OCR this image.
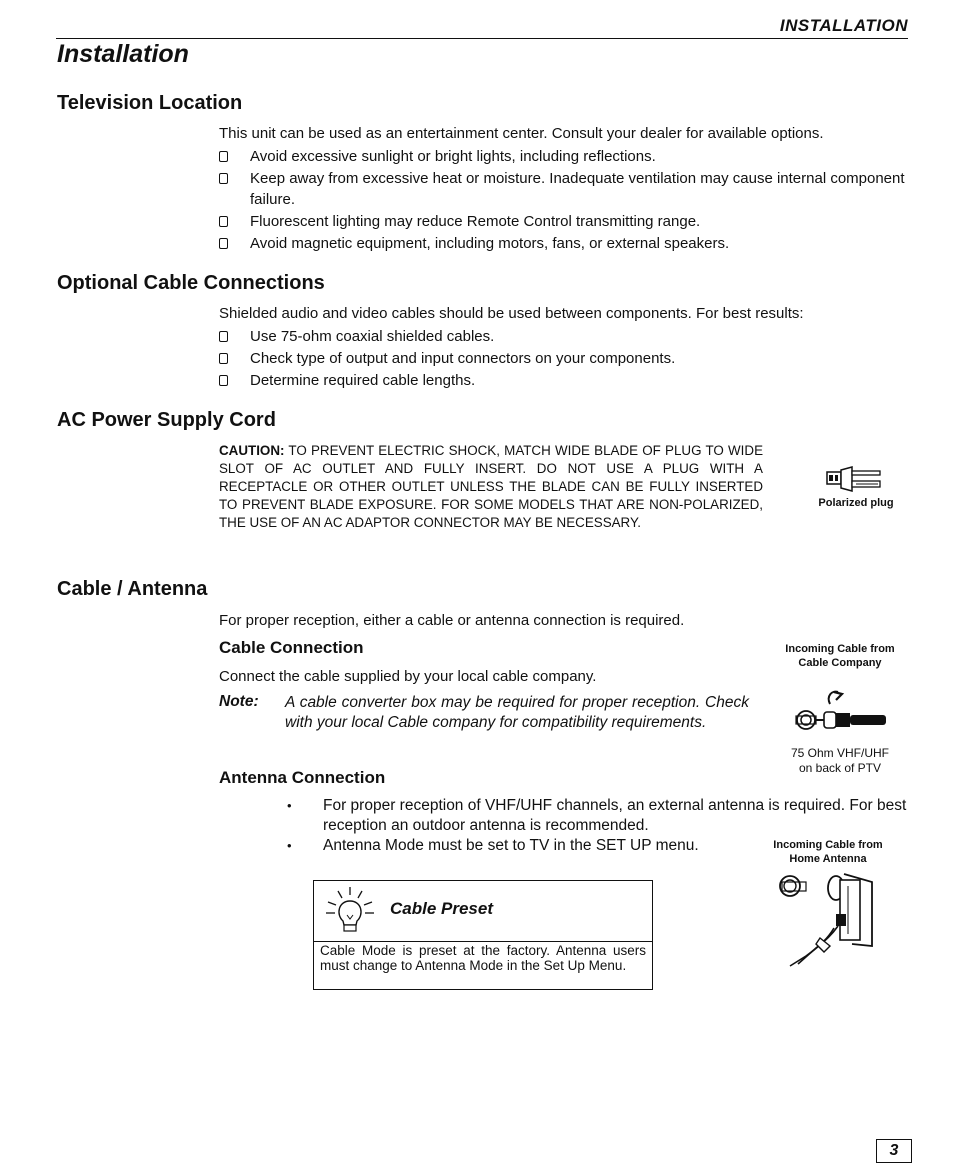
INSTALLATION
Installation
Television Location
This unit can be used as an entertainment center. Consult your dealer for available options.
Avoid excessive sunlight or bright lights, including reflections.
Keep away from excessive heat or moisture. Inadequate ventilation may cause internal component failure.
Fluorescent lighting may reduce Remote Control transmitting range.
Avoid magnetic equipment, including motors, fans, or external speakers.
Optional Cable Connections
Shielded audio and video cables should be used between components. For best results:
Use 75-ohm coaxial shielded cables.
Check type of output and input connectors on your components.
Determine required cable lengths.
AC Power Supply Cord
CAUTION: TO PREVENT ELECTRIC SHOCK, MATCH WIDE BLADE OF PLUG TO WIDE SLOT OF AC OUTLET AND FULLY INSERT. DO NOT USE A PLUG WITH A RECEPTACLE OR OTHER OUTLET UNLESS THE BLADE CAN BE FULLY INSERTED TO PREVENT BLADE EXPOSURE. FOR SOME MODELS THAT ARE NON-POLARIZED, THE USE OF AN AC ADAPTOR CONNECTOR MAY BE NECESSARY.
Polarized plug
Cable / Antenna
For proper reception, either a cable or antenna connection is required.
Cable Connection
Connect the cable supplied by your local cable company.
Note: A cable converter box may be required for proper reception. Check with your local Cable company for compatibility requirements.
Incoming Cable from Cable Company
75 Ohm VHF/UHF
on back of PTV
Antenna Connection
• For proper reception of VHF/UHF channels, an external antenna is required. For best reception an outdoor antenna is recommended.
• Antenna Mode must be set to TV in the SET UP menu.	Incoming Cable from Home Antenna
Cable Preset
Cable Mode is preset at the factory. Antenna users must change to Antenna Mode in the Set Up Menu.
3
